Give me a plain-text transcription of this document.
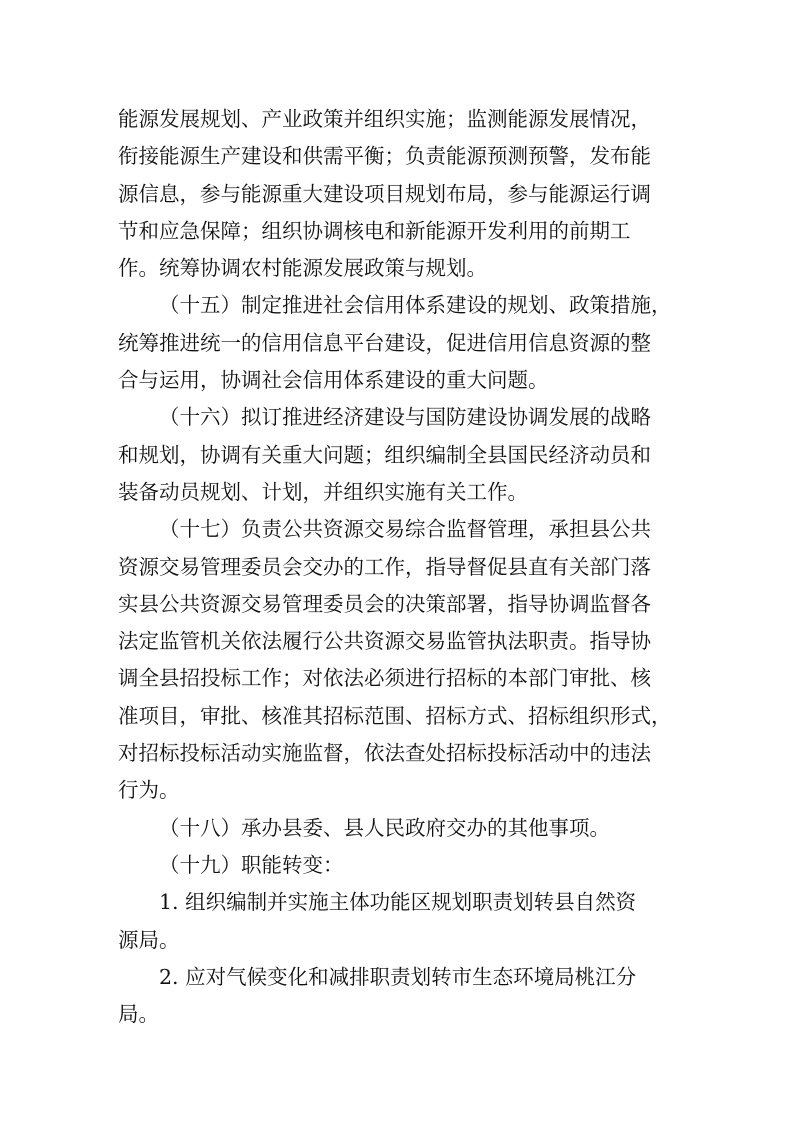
能源发展规划、产业政策并组织实施；监测能源发展情况，
衔接能源生产建设和供需平衡；负责能源预测预警，发布能
源信息，参与能源重大建设项目规划布局，参与能源运行调
节和应急保障；组织协调核电和新能源开发利用的前期工
作。统筹协调农村能源发展政策与规划。

（十五）制定推进社会信用体系建设的规划、政策措施，
统筹推进统一的信用信息平台建设，促进信用信息资源的整
合与运用，协调社会信用体系建设的重大问题。

（十六）拟订推进经济建设与国防建设协调发展的战略
和规划，协调有关重大问题；组织编制全县国民经济动员和
装备动员规划、计划，并组织实施有关工作。

（十七）负责公共资源交易综合监督管理，承担县公共
资源交易管理委员会交办的工作，指导督促县直有关部门落
实县公共资源交易管理委员会的决策部署，指导协调监督各
法定监管机关依法履行公共资源交易监管执法职责。指导协
调全县招投标工作；对依法必须进行招标的本部门审批、核
准项目，审批、核准其招标范围、招标方式、招标组织形式，
对招标投标活动实施监督，依法查处招标投标活动中的违法
行为。

（十八）承办县委、县人民政府交办的其他事项。

（十九）职能转变：

1. 组织编制并实施主体功能区规划职责划转县自然资
源局。

2. 应对气候变化和减排职责划转市生态环境局桃江分
局。
